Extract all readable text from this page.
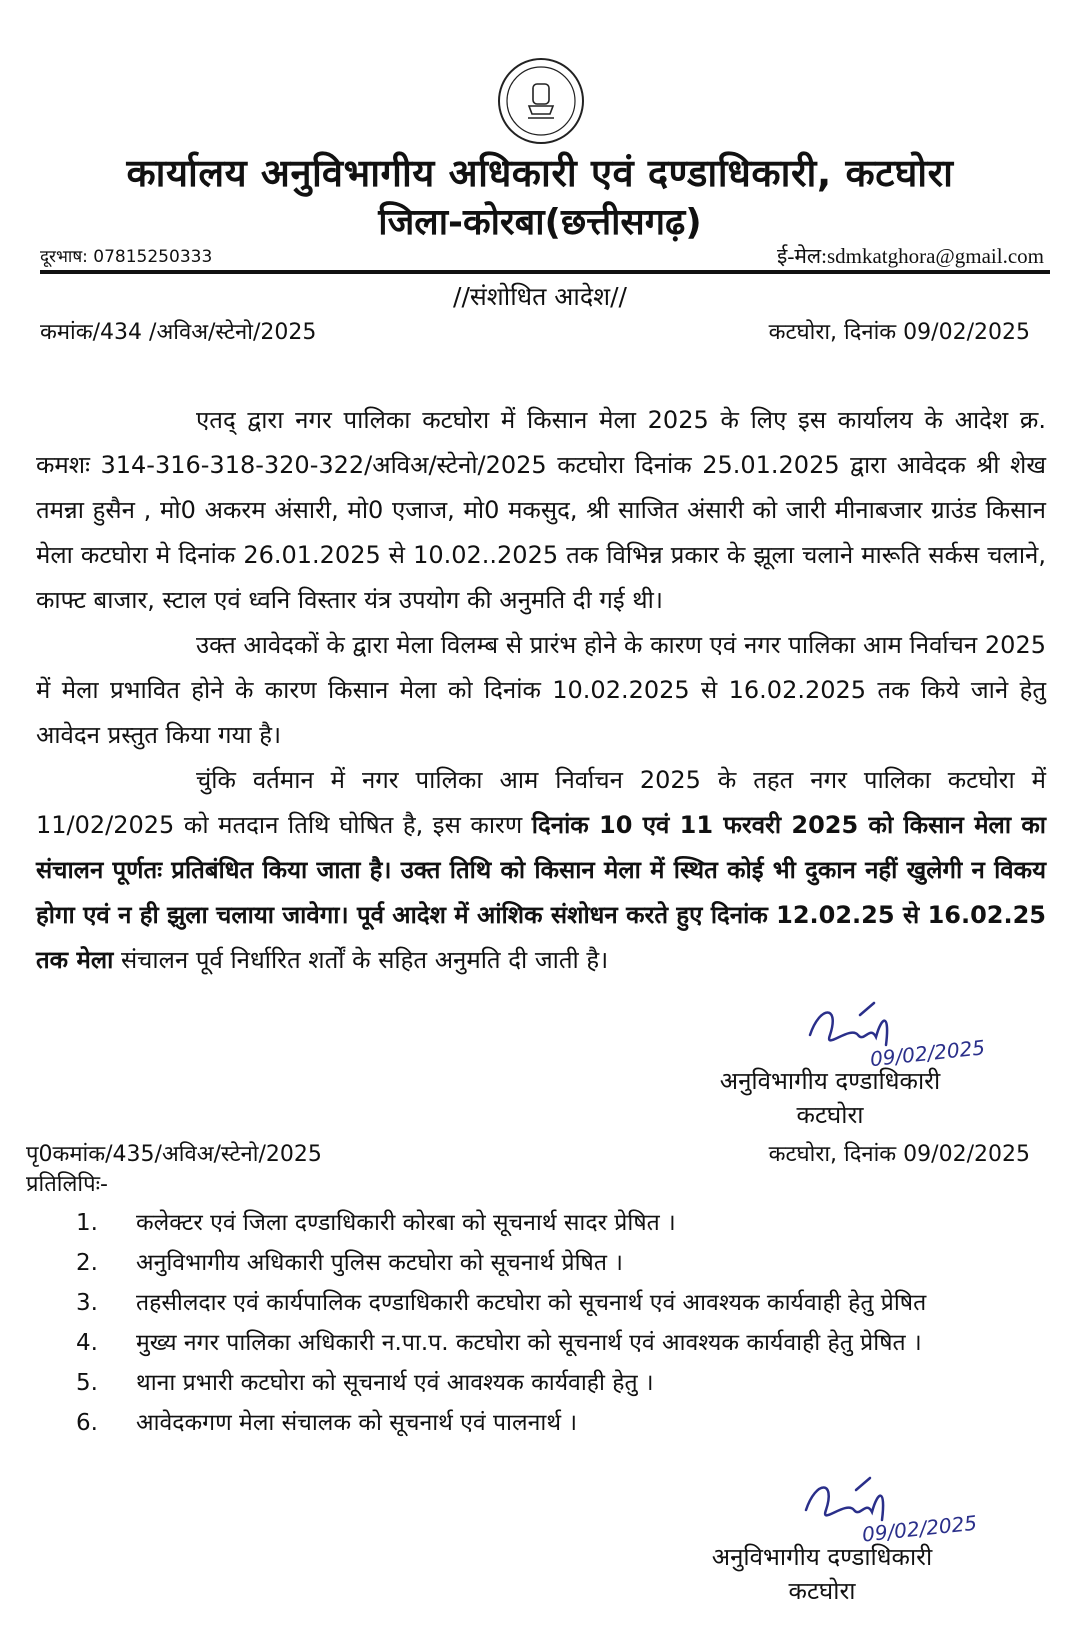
कार्यालय अनुविभागीय अधिकारी एवं दण्डाधिकारी, कटघोरा
जिला-कोरबा(छत्तीसगढ़)
दूरभाष: 07815250333	ई-मेल:sdmkatghora@gmail.com
//संशोधित आदेश//
कमांक/434 /अविअ/स्टेनो/2025	कटघोरा, दिनांक 09/02/2025

एतद् द्वारा नगर पालिका कटघोरा में किसान मेला 2025 के लिए इस कार्यालय के आदेश क्र. कमशः 314-316-318-320-322/अविअ/स्टेनो/2025 कटघोरा दिनांक 25.01.2025 द्वारा आवेदक श्री शेख तमन्ना हुसैन , मो0 अकरम अंसारी, मो0 एजाज, मो0 मकसुद, श्री साजित अंसारी को जारी मीनाबजार ग्राउंड किसान मेला कटघोरा मे दिनांक 26.01.2025 से 10.02..2025 तक विभिन्न प्रकार के झूला चलाने मारूति सर्कस चलाने, काफ्ट बाजार, स्टाल एवं ध्वनि विस्तार यंत्र उपयोग की अनुमति दी गई थी।

उक्त आवेदकों के द्वारा मेला विलम्ब से प्रारंभ होने के कारण एवं नगर पालिका आम निर्वाचन 2025 में मेला प्रभावित होने के कारण किसान मेला को दिनांक 10.02.2025 से 16.02.2025 तक किये जाने हेतु आवेदन प्रस्तुत किया गया है।

चुंकि वर्तमान में नगर पालिका आम निर्वाचन 2025 के तहत नगर पालिका कटघोरा में 11/02/2025 को मतदान तिथि घोषित है, इस कारण दिनांक 10 एवं 11 फरवरी 2025 को किसान मेला का संचालन पूर्णतः प्रतिबंधित किया जाता है। उक्त तिथि को किसान मेला में स्थित कोई भी दुकान नहीं खुलेगी न विकय होगा एवं न ही झुला चलाया जावेगा। पूर्व आदेश में आंशिक संशोधन करते हुए दिनांक 12.02.25 से 16.02.25 तक मेला संचालन पूर्व निर्धारित शर्तों के सहित अनुमति दी जाती है।

09/02/2025
अनुविभागीय दण्डाधिकारी
कटघोरा
पृ0कमांक/435/अविअ/स्टेनो/2025	कटघोरा, दिनांक 09/02/2025
प्रतिलिपिः-
1.	कलेक्टर एवं जिला दण्डाधिकारी कोरबा को सूचनार्थ सादर प्रेषित ।
2.	अनुविभागीय अधिकारी पुलिस कटघोरा को सूचनार्थ प्रेषित ।
3.	तहसीलदार एवं कार्यपालिक दण्डाधिकारी कटघोरा को सूचनार्थ एवं आवश्यक कार्यवाही हेतु प्रेषित
4.	मुख्य नगर पालिका अधिकारी न.पा.प. कटघोरा को सूचनार्थ एवं आवश्यक कार्यवाही हेतु प्रेषित ।
5.	थाना प्रभारी कटघोरा को सूचनार्थ एवं आवश्यक कार्यवाही हेतु ।
6.	आवेदकगण मेला संचालक को सूचनार्थ एवं पालनार्थ ।
09/02/2025
अनुविभागीय दण्डाधिकारी
कटघोरा
